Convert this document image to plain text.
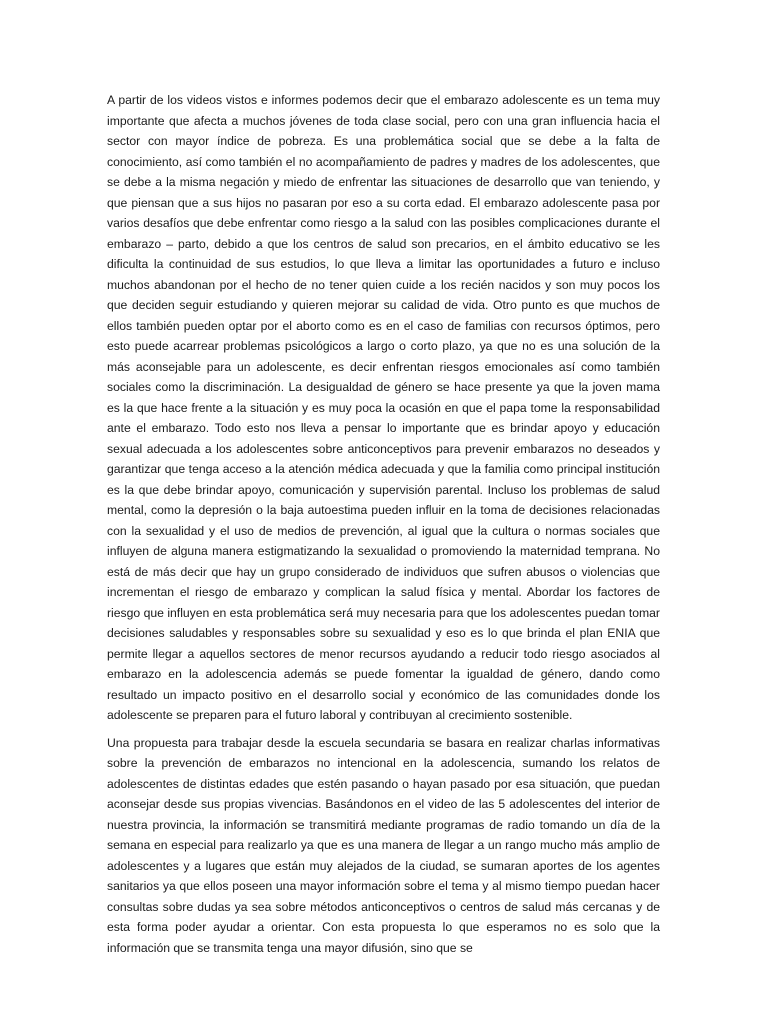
A partir de los videos vistos e informes podemos decir que el embarazo adolescente es un tema muy importante que afecta a muchos jóvenes de toda clase social, pero con una gran influencia hacia el sector con mayor índice de pobreza. Es una problemática social que se debe a la falta de conocimiento, así como también el no acompañamiento de padres y madres de los adolescentes, que se debe a la misma negación y miedo de enfrentar las situaciones de desarrollo que van teniendo, y que piensan que a sus hijos no pasaran por eso a su corta edad. El embarazo adolescente pasa por varios desafíos que debe enfrentar como riesgo a la salud con las posibles complicaciones durante el embarazo – parto, debido a que los centros de salud son precarios, en el ámbito educativo se les dificulta la continuidad de sus estudios, lo que lleva a limitar las oportunidades a futuro e incluso muchos abandonan por el hecho de no tener quien cuide a los recién nacidos y son muy pocos los que deciden seguir estudiando y quieren mejorar su calidad de vida. Otro punto es que muchos de ellos también pueden optar por el aborto como es en el caso de familias con recursos óptimos, pero esto puede acarrear problemas psicológicos a largo o corto plazo, ya que no es una solución de la más aconsejable para un adolescente, es decir enfrentan riesgos emocionales así como también sociales como la discriminación. La desigualdad de género se hace presente ya que la joven mama es la que hace frente a la situación y es muy poca la ocasión en que el papa tome la responsabilidad ante el embarazo. Todo esto nos lleva a pensar lo importante que es brindar apoyo y educación sexual adecuada a los adolescentes sobre anticonceptivos para prevenir embarazos no deseados y garantizar que tenga acceso a la atención médica adecuada y que la familia como principal institución es la que debe brindar apoyo, comunicación y supervisión parental. Incluso los problemas de salud mental, como la depresión o la baja autoestima pueden influir en la toma de decisiones relacionadas con la sexualidad y el uso de medios de prevención, al igual que la cultura o normas sociales que influyen de alguna manera estigmatizando la sexualidad o promoviendo la maternidad temprana. No está de más decir que hay un grupo considerado de individuos que sufren abusos o violencias que incrementan el riesgo de embarazo y complican la salud física y mental. Abordar los factores de riesgo que influyen en esta problemática será muy necesaria para que los adolescentes puedan tomar decisiones saludables y responsables sobre su sexualidad y eso es lo que brinda el plan ENIA que permite llegar a aquellos sectores de menor recursos ayudando a reducir todo riesgo asociados al embarazo en la adolescencia además se puede fomentar la igualdad de género, dando como resultado un impacto positivo en el desarrollo social y económico de las comunidades donde los adolescente se preparen para el futuro laboral y contribuyan al crecimiento sostenible.

Una propuesta para trabajar desde la escuela secundaria se basara en realizar charlas informativas sobre la prevención de embarazos no intencional en la adolescencia, sumando los relatos de adolescentes de distintas edades que estén pasando o hayan pasado por esa situación, que puedan aconsejar desde sus propias vivencias. Basándonos en el video de las 5 adolescentes del interior de nuestra provincia, la información se transmitirá mediante programas de radio tomando un día de la semana en especial para realizarlo ya que es una manera de llegar a un rango mucho más amplio de adolescentes y a lugares que están muy alejados de la ciudad, se sumaran aportes de los agentes sanitarios ya que ellos poseen una mayor información sobre el tema y al mismo tiempo puedan hacer consultas sobre dudas ya sea sobre métodos anticonceptivos o centros de salud más cercanas y de esta forma poder ayudar a orientar. Con esta propuesta lo que esperamos no es solo que la información que se transmita tenga una mayor difusión, sino que se
